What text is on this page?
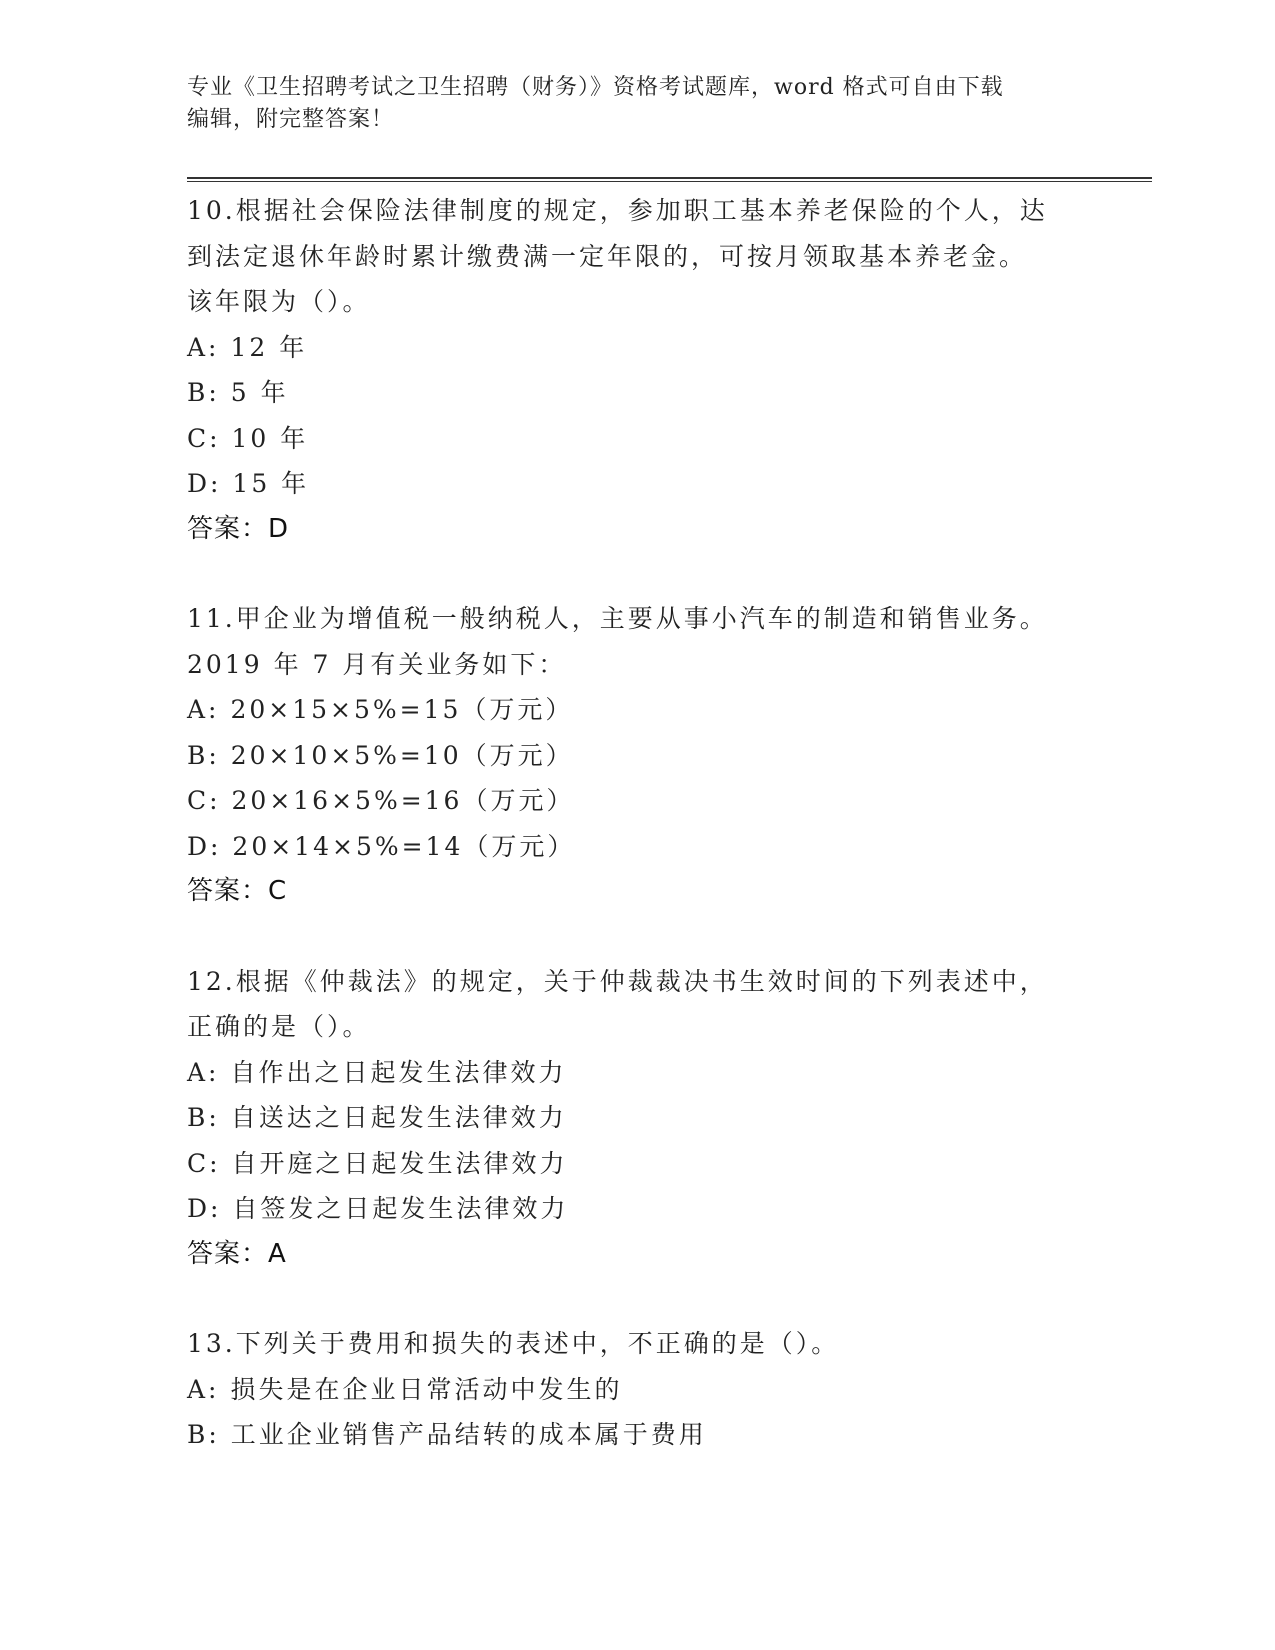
专业《卫生招聘考试之卫生招聘（财务）》资格考试题库，word 格式可自由下载
编辑，附完整答案！
10.根据社会保险法律制度的规定，参加职工基本养老保险的个人，达
到法定退休年龄时累计缴费满一定年限的，可按月领取基本养老金。
该年限为（）。
A: 12 年
B: 5 年
C: 10 年
D: 15 年
答案：D
11.甲企业为增值税一般纳税人，主要从事小汽车的制造和销售业务。
2019 年 7 月有关业务如下：
A: 20×15×5%=15（万元）
B: 20×10×5%=10（万元）
C: 20×16×5%=16（万元）
D: 20×14×5%=14（万元）
答案：C
12.根据《仲裁法》的规定，关于仲裁裁决书生效时间的下列表述中，
正确的是（）。
A: 自作出之日起发生法律效力
B: 自送达之日起发生法律效力
C: 自开庭之日起发生法律效力
D: 自签发之日起发生法律效力
答案：A
13.下列关于费用和损失的表述中，不正确的是（）。
A: 损失是在企业日常活动中发生的
B: 工业企业销售产品结转的成本属于费用
